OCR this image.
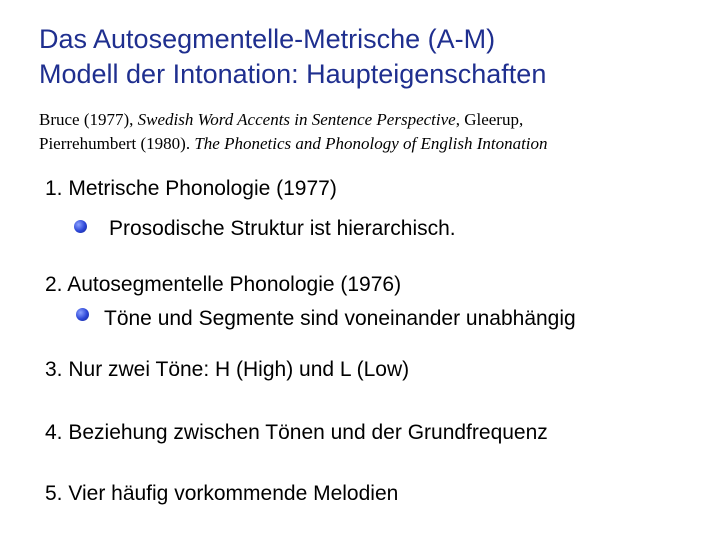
Das Autosegmentelle-Metrische (A-M)
Modell der Intonation: Haupteigenschaften
Bruce (1977), Swedish Word Accents in Sentence Perspective, Gleerup,
Pierrehumbert (1980). The Phonetics and Phonology of English Intonation
1. Metrische Phonologie (1977)
Prosodische Struktur ist hierarchisch.
2. Autosegmentelle Phonologie (1976)
Töne und Segmente sind voneinander unabhängig
3. Nur zwei Töne: H (High) und L (Low)
4. Beziehung zwischen Tönen und der Grundfrequenz
5. Vier häufig vorkommende Melodien
